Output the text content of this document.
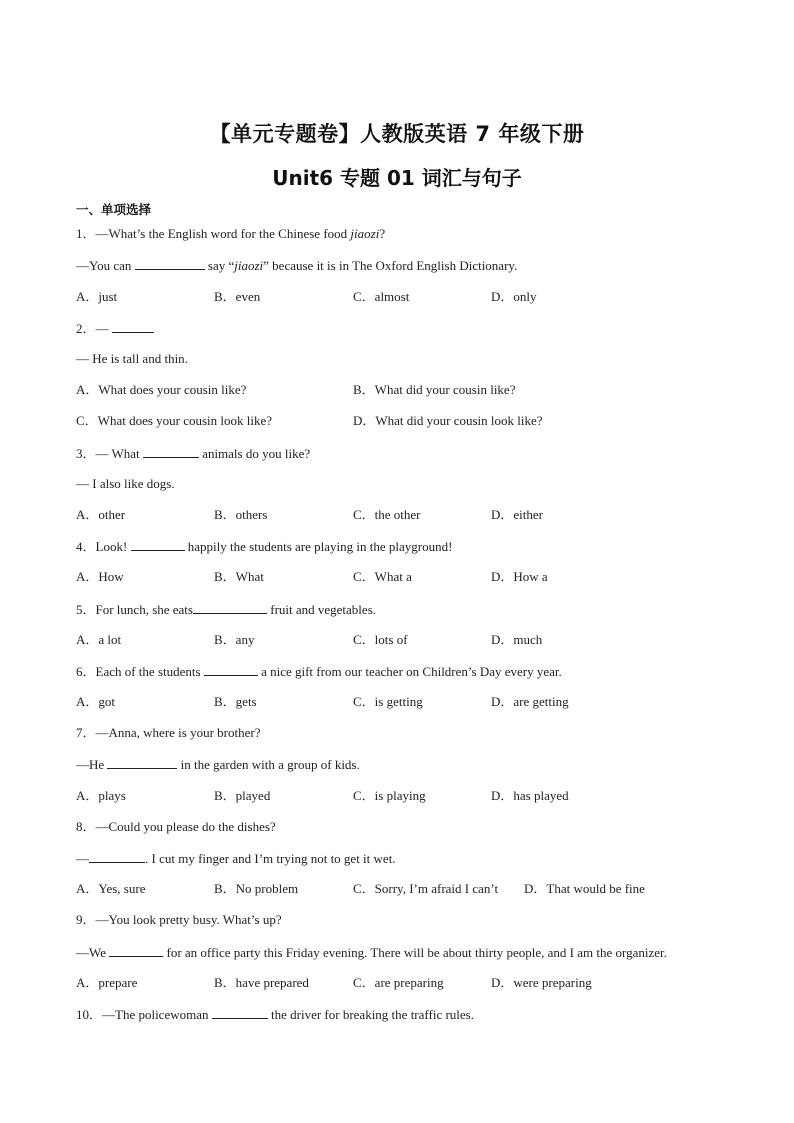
【单元专题卷】人教版英语 7 年级下册
Unit6 专题 01 词汇与句子
一、单项选择
1．—What’s the English word for the Chinese food jiaozi?
—You can	say “jiaozi” because it is in The Oxford English Dictionary.
A．just	B．even	C．almost	D．only
2．—
— He is tall and thin.
A．What does your cousin like?	B．What did your cousin like?
C．What does your cousin look like?	D．What did your cousin look like?
3．— What	animals do you like?
— I also like dogs.
A．other	B．others	C．the other	D．either
4．Look!	happily the students are playing in the playground!
A．How	B．What	C．What a	D．How a
5．For lunch, she eats	fruit and vegetables.
A．a lot	B．any	C．lots of	D．much
6．Each of the students	a nice gift from our teacher on Children’s Day every year.
A．got	B．gets	C．is getting	D．are getting
7．—Anna, where is your brother?
—He	in the garden with a group of kids.
A．plays	B．played	C．is playing	D．has played
8．—Could you please do the dishes?
—	. I cut my finger and I’m trying not to get it wet.
A．Yes, sure	B．No problem	C．Sorry, I’m afraid I can’t D．That would be fine
9．—You look pretty busy. What’s up?
—We	for an office party this Friday evening. There will be about thirty people, and I am the organizer.
A．prepare	B．have prepared	C．are preparing	D．were preparing
10．—The policewoman	the driver for breaking the traffic rules.
